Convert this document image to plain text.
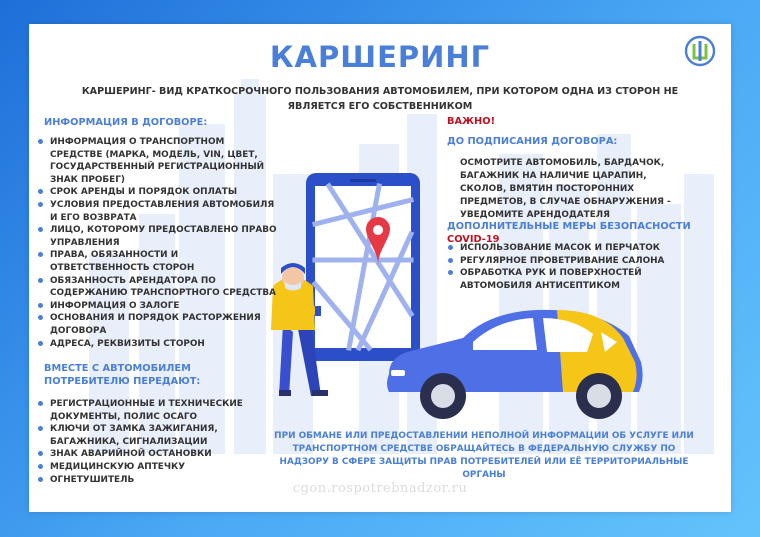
КАРШЕРИНГ
КАРШЕРИНГ- ВИД КРАТКОСРОЧНОГО ПОЛЬЗОВАНИЯ АВТОМОБИЛЕМ, ПРИ КОТОРОМ ОДНА ИЗ СТОРОН НЕ ЯВЛЯЕТСЯ ЕГО СОБСТВЕННИКОМ
ИНФОРМАЦИЯ В ДОГОВОРЕ:
ИНФОРМАЦИЯ О ТРАНСПОРТНОМ СРЕДСТВЕ (МАРКА, МОДЕЛЬ, VIN, ЦВЕТ, ГОСУДАРСТВЕННЫЙ РЕГИСТРАЦИОННЫЙ ЗНАК ПРОБЕГ)
СРОК АРЕНДЫ И ПОРЯДОК ОПЛАТЫ
УСЛОВИЯ ПРЕДОСТАВЛЕНИЯ АВТОМОБИЛЯ И ЕГО ВОЗВРАТА
ЛИЦО, КОТОРОМУ ПРЕДОСТАВЛЕНО ПРАВО УПРАВЛЕНИЯ
ПРАВА, ОБЯЗАННОСТИ И ОТВЕТСТВЕННОСТЬ СТОРОН
ОБЯЗАННОСТЬ АРЕНДАТОРА ПО СОДЕРЖАНИЮ ТРАНСПОРТНОГО СРЕДСТВА
ИНФОРМАЦИЯ О ЗАЛОГЕ
ОСНОВАНИЯ И ПОРЯДОК РАСТОРЖЕНИЯ ДОГОВОРА
АДРЕСА, РЕКВИЗИТЫ СТОРОН
ВМЕСТЕ С АВТОМОБИЛЕМ ПОТРЕБИТЕЛЮ ПЕРЕДАЮТ:
РЕГИСТРАЦИОННЫЕ И ТЕХНИЧЕСКИЕ ДОКУМЕНТЫ, ПОЛИС ОСАГО
КЛЮЧИ ОТ ЗАМКА ЗАЖИГАНИЯ, БАГАЖНИКА, СИГНАЛИЗАЦИИ
ЗНАК АВАРИЙНОЙ ОСТАНОВКИ
МЕДИЦИНСКУЮ АПТЕЧКУ
ОГНЕТУШИТЕЛЬ
ВАЖНО!
ДО ПОДПИСАНИЯ ДОГОВОРА:
ОСМОТРИТЕ АВТОМОБИЛЬ, БАРДАЧОК, БАГАЖНИК НА НАЛИЧИЕ ЦАРАПИН, СКОЛОВ, ВМЯТИН ПОСТОРОННИХ ПРЕДМЕТОВ, В СЛУЧАЕ ОБНАРУЖЕНИЯ - УВЕДОМИТЕ АРЕНДОДАТЕЛЯ
ДОПОЛНИТЕЛЬНЫЕ МЕРЫ БЕЗОПАСНОСТИ COVID-19
ИСПОЛЬЗОВАНИЕ МАСОК И ПЕРЧАТОК
РЕГУЛЯРНОЕ ПРОВЕТРИВАНИЕ САЛОНА
ОБРАБОТКА РУК И ПОВЕРХНОСТЕЙ АВТОМОБИЛЯ АНТИСЕПТИКОМ
ПРИ ОБМАНЕ ИЛИ ПРЕДОСТАВЛЕНИИ НЕПОЛНОЙ ИНФОРМАЦИИ ОБ УСЛУГЕ ИЛИ ТРАНСПОРТНОМ СРЕДСТВЕ ОБРАЩАЙТЕСЬ В ФЕДЕРАЛЬНУЮ СЛУЖБУ ПО НАДЗОРУ В СФЕРЕ ЗАЩИТЫ ПРАВ ПОТРЕБИТЕЛЕЙ ИЛИ ЕЁ ТЕРРИТОРИАЛЬНЫЕ ОРГАНЫ
cgon.rospotrebnadzor.ru
